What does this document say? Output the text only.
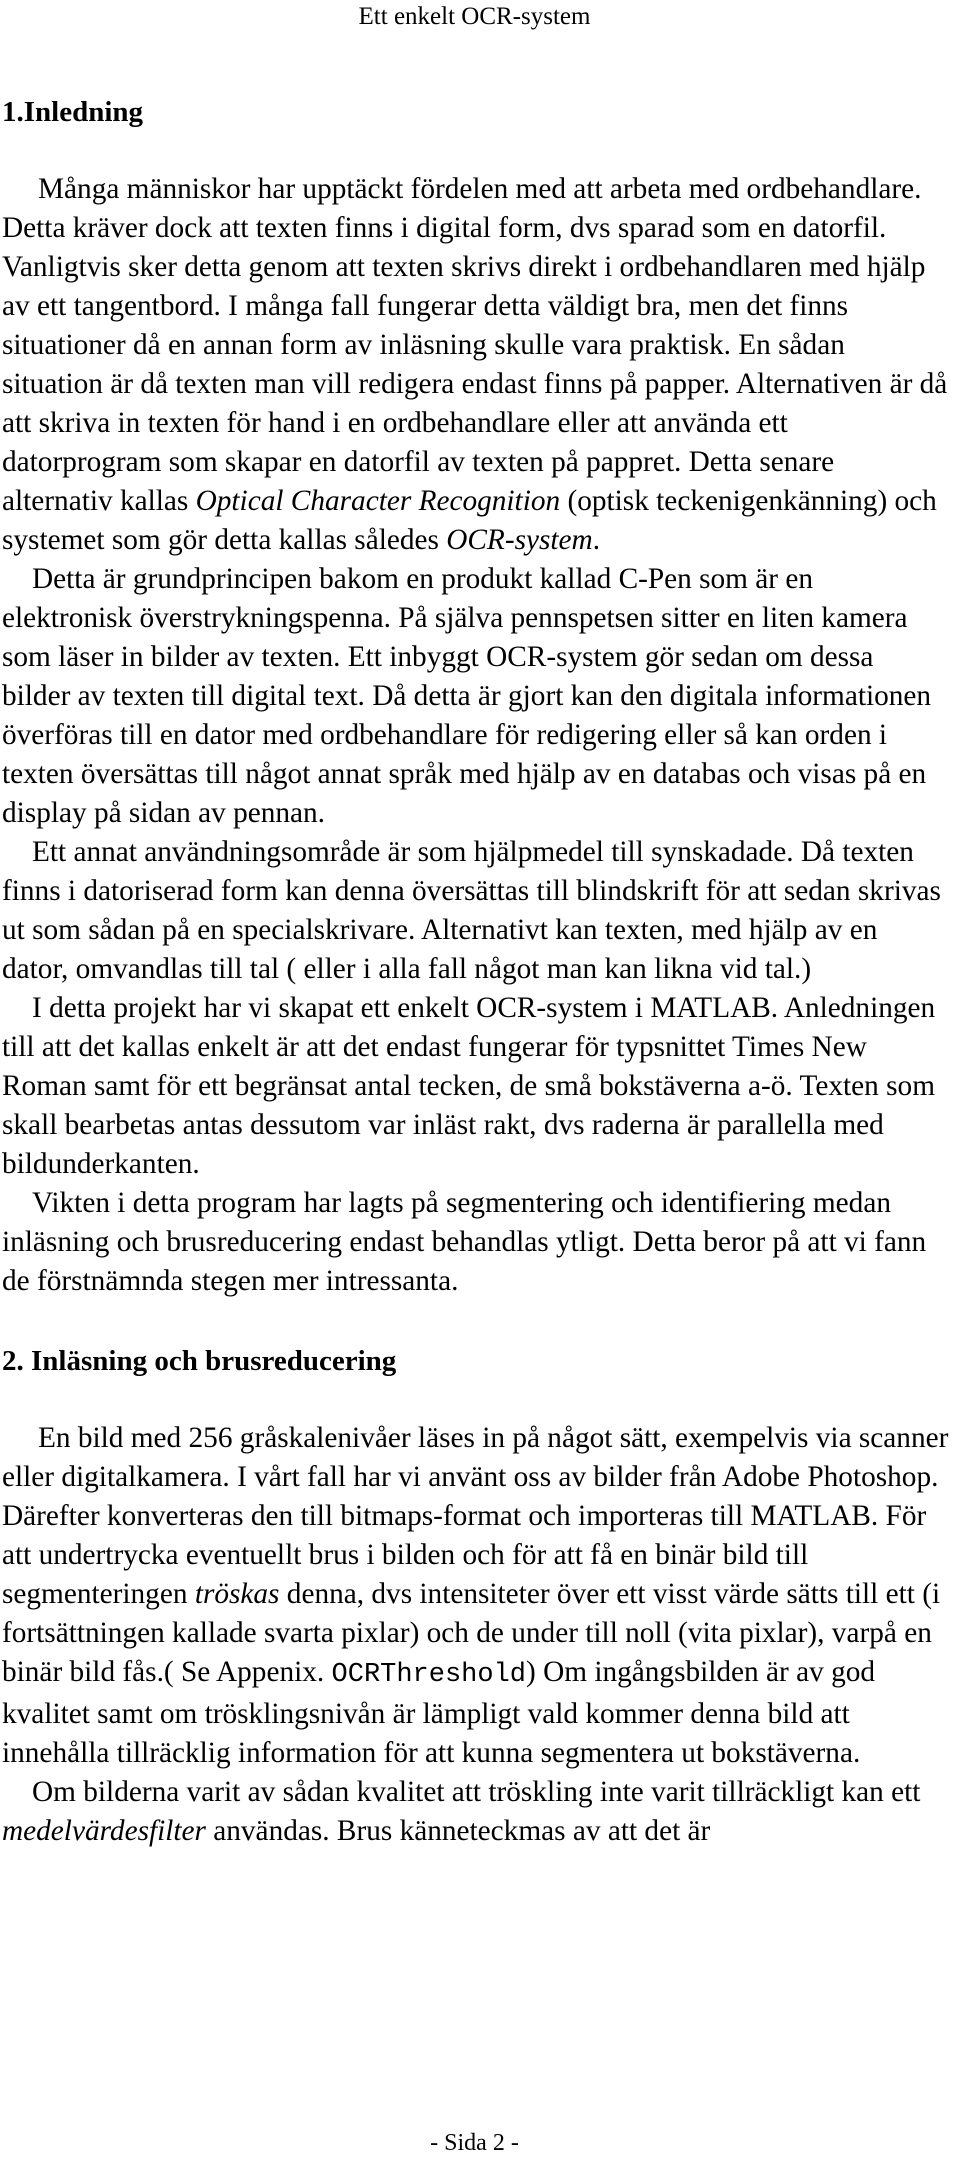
Ett enkelt OCR-system

1.Inledning

Många människor har upptäckt fördelen med att arbeta med ordbehandlare. Detta kräver dock att texten finns i digital form, dvs sparad som en datorfil. Vanligtvis sker detta genom att texten skrivs direkt i ordbehandlaren med hjälp av ett tangentbord. I många fall fungerar detta väldigt bra, men det finns situationer då en annan form av inläsning skulle vara praktisk. En sådan situation är då texten man vill redigera endast finns på papper. Alternativen är då att skriva in texten för hand i en ordbehandlare eller att använda ett datorprogram som skapar en datorfil av texten på pappret. Detta senare alternativ kallas Optical Character Recognition (optisk teckenigenkänning) och systemet som gör detta kallas således OCR-system.

Detta är grundprincipen bakom en produkt kallad C-Pen som är en elektronisk överstrykningspenna. På själva pennspetsen sitter en liten kamera som läser in bilder av texten. Ett inbyggt OCR-system gör sedan om dessa bilder av texten till digital text. Då detta är gjort kan den digitala informationen överföras till en dator med ordbehandlare för redigering eller så kan orden i texten översättas till något annat språk med hjälp av en databas och visas på en display på sidan av pennan.

Ett annat användningsområde är som hjälpmedel till synskadade. Då texten finns i datoriserad form kan denna översättas till blindskrift för att sedan skrivas ut som sådan på en specialskrivare. Alternativt kan texten, med hjälp av en dator, omvandlas till tal ( eller i alla fall något man kan likna vid tal.)

I detta projekt har vi skapat ett enkelt OCR-system i MATLAB. Anledningen till att det kallas enkelt är att det endast fungerar för typsnittet Times New Roman samt för ett begränsat antal tecken, de små bokstäverna a-ö. Texten som skall bearbetas antas dessutom var inläst rakt, dvs raderna är parallella med bildunderkanten.

Vikten i detta program har lagts på segmentering och identifiering medan inläsning och brusreducering endast behandlas ytligt. Detta beror på att vi fann de förstnämnda stegen mer intressanta.

2. Inläsning och brusreducering

En bild med 256 gråskalenivåer läses in på något sätt, exempelvis via scanner eller digitalkamera. I vårt fall har vi använt oss av bilder från Adobe Photoshop. Därefter konverteras den till bitmaps-format och importeras till MATLAB. För att undertrycka eventuellt brus i bilden och för att få en binär bild till segmenteringen tröskas denna, dvs intensiteter över ett visst värde sätts till ett (i fortsättningen kallade svarta pixlar) och de under till noll (vita pixlar), varpå en binär bild fås.( Se Appenix. OCRThreshold) Om ingångsbilden är av god kvalitet samt om trösklingsnivån är lämpligt vald kommer denna bild att innehålla tillräcklig information för att kunna segmentera ut bokstäverna.

Om bilderna varit av sådan kvalitet att tröskling inte varit tillräckligt kan ett medelvärdesfilter användas. Brus känneteckmas av att det är

- Sida 2 -
